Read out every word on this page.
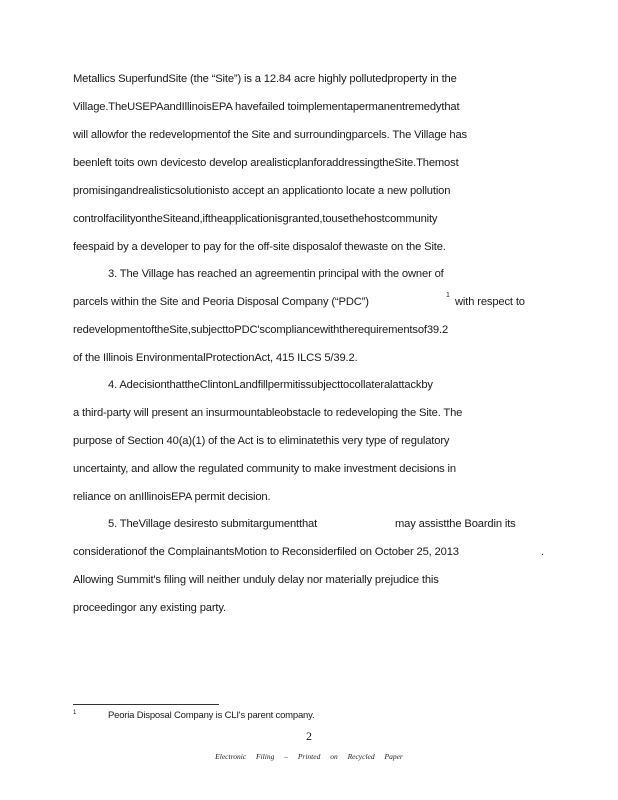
Metallics SuperfundSite (the “Site”) is a 12.84 acre highly pollutedproperty in the
Village.TheUSEPAandIllinoisEPA havefailed toimplementapermanentremedythat
will allowfor the redevelopmentof the Site and surroundingparcels. The Village has
beenleft toits own devicesto develop arealisticplanforaddressingtheSite.Themost
promisingandrealisticsolutionisto accept an applicationto locate a new pollution
controlfacilityontheSiteand,iftheapplicationisgranted,tousethehostcommunity
feespaid by a developer to pay for the off-site disposalof thewaste on the Site.
3. The Village has reached an agreementin principal with the owner of
parcels within the Site and Peoria Disposal Company (“PDC”)
1
with respect to
redevelopmentoftheSite,subjecttoPDC'scompliancewiththerequirementsof39.2
of the Illinois EnvironmentalProtectionAct, 415 ILCS 5/39.2.
4. AdecisionthattheClintonLandfillpermitissubjecttocollateralattackby
a third-party will present an insurmountableobstacle to redeveloping the Site. The
purpose of Section 40(a)(1) of the Act is to eliminatethis very type of regulatory
uncertainty, and allow the regulated community to make investment decisions in
reliance on anIllinoisEPA permit decision.
5. TheVillage desiresto submitargumentthat	may assistthe Boardin its
considerationof the ComplainantsMotion to Reconsiderfiled on October 25, 2013	.
Allowing Summit's filing will neither unduly delay nor materially prejudice this
proceedingor any existing party.
1	Peoria Disposal Company is CLI's parent company.
2
Electronic Filing – Printed on Recycled Paper
